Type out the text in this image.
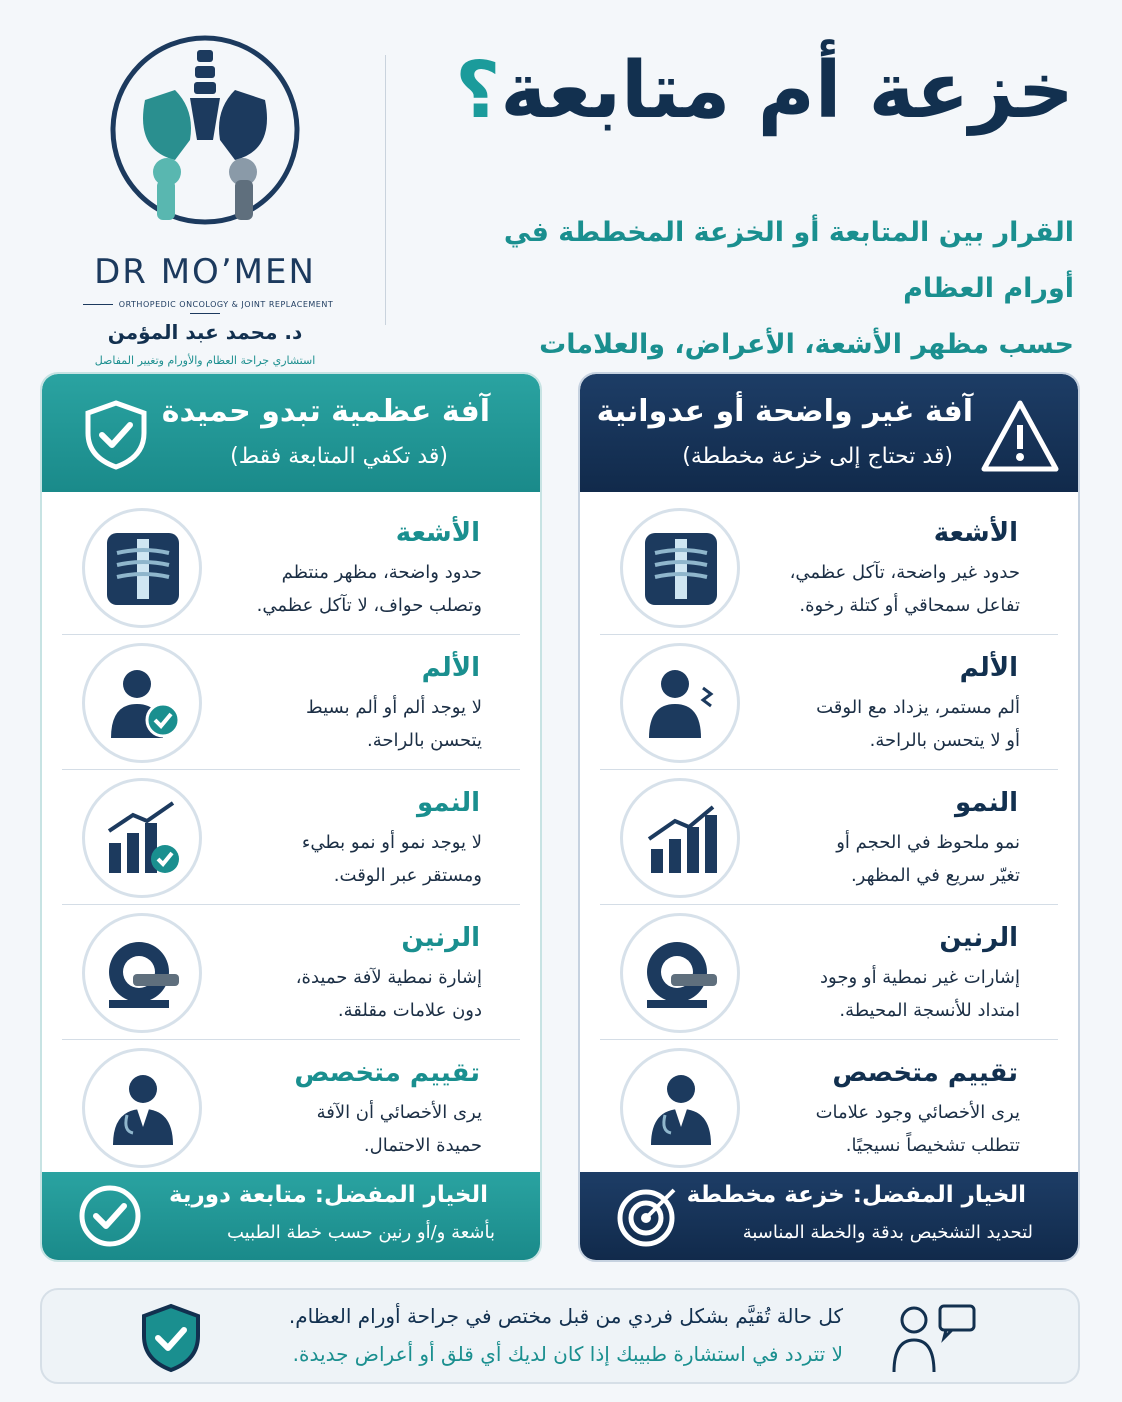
DR MO’MEN
ORTHOPEDIC ONCOLOGY & JOINT REPLACEMENT
د. محمد عبد المؤمن
استشاري جراحة العظام والأورام وتغيير المفاصل
خزعة أم متابعة؟
القرار بين المتابعة أو الخزعة المخططة في أورام العظام
حسب مظهر الأشعة، الأعراض، والعلامات
آفة عظمية تبدو حميدة
(قد تكفي المتابعة فقط)
الأشعة
حدود واضحة، مظهر منتظم
وتصلب حواف، لا تآكل عظمي.
الألم
لا يوجد ألم أو ألم بسيط
يتحسن بالراحة.
النمو
لا يوجد نمو أو نمو بطيء
ومستقر عبر الوقت.
الرنين
إشارة نمطية لآفة حميدة،
دون علامات مقلقة.
تقييم متخصص
يرى الأخصائي أن الآفة
حميدة الاحتمال.
الخيار المفضل: متابعة دورية
بأشعة و/أو رنين حسب خطة الطبيب
آفة غير واضحة أو عدوانية
(قد تحتاج إلى خزعة مخططة)
الأشعة
حدود غير واضحة، تآكل عظمي،
تفاعل سمحاقي أو كتلة رخوة.
الألم
ألم مستمر، يزداد مع الوقت
أو لا يتحسن بالراحة.
النمو
نمو ملحوظ في الحجم أو
تغيّر سريع في المظهر.
الرنين
إشارات غير نمطية أو وجود
امتداد للأنسجة المحيطة.
تقييم متخصص
يرى الأخصائي وجود علامات
تتطلب تشخيصاً نسيجيًا.
الخيار المفضل: خزعة مخططة
لتحديد التشخيص بدقة والخطة المناسبة
كل حالة تُقيَّم بشكل فردي من قبل مختص في جراحة أورام العظام.
لا تتردد في استشارة طبيبك إذا كان لديك أي قلق أو أعراض جديدة.
